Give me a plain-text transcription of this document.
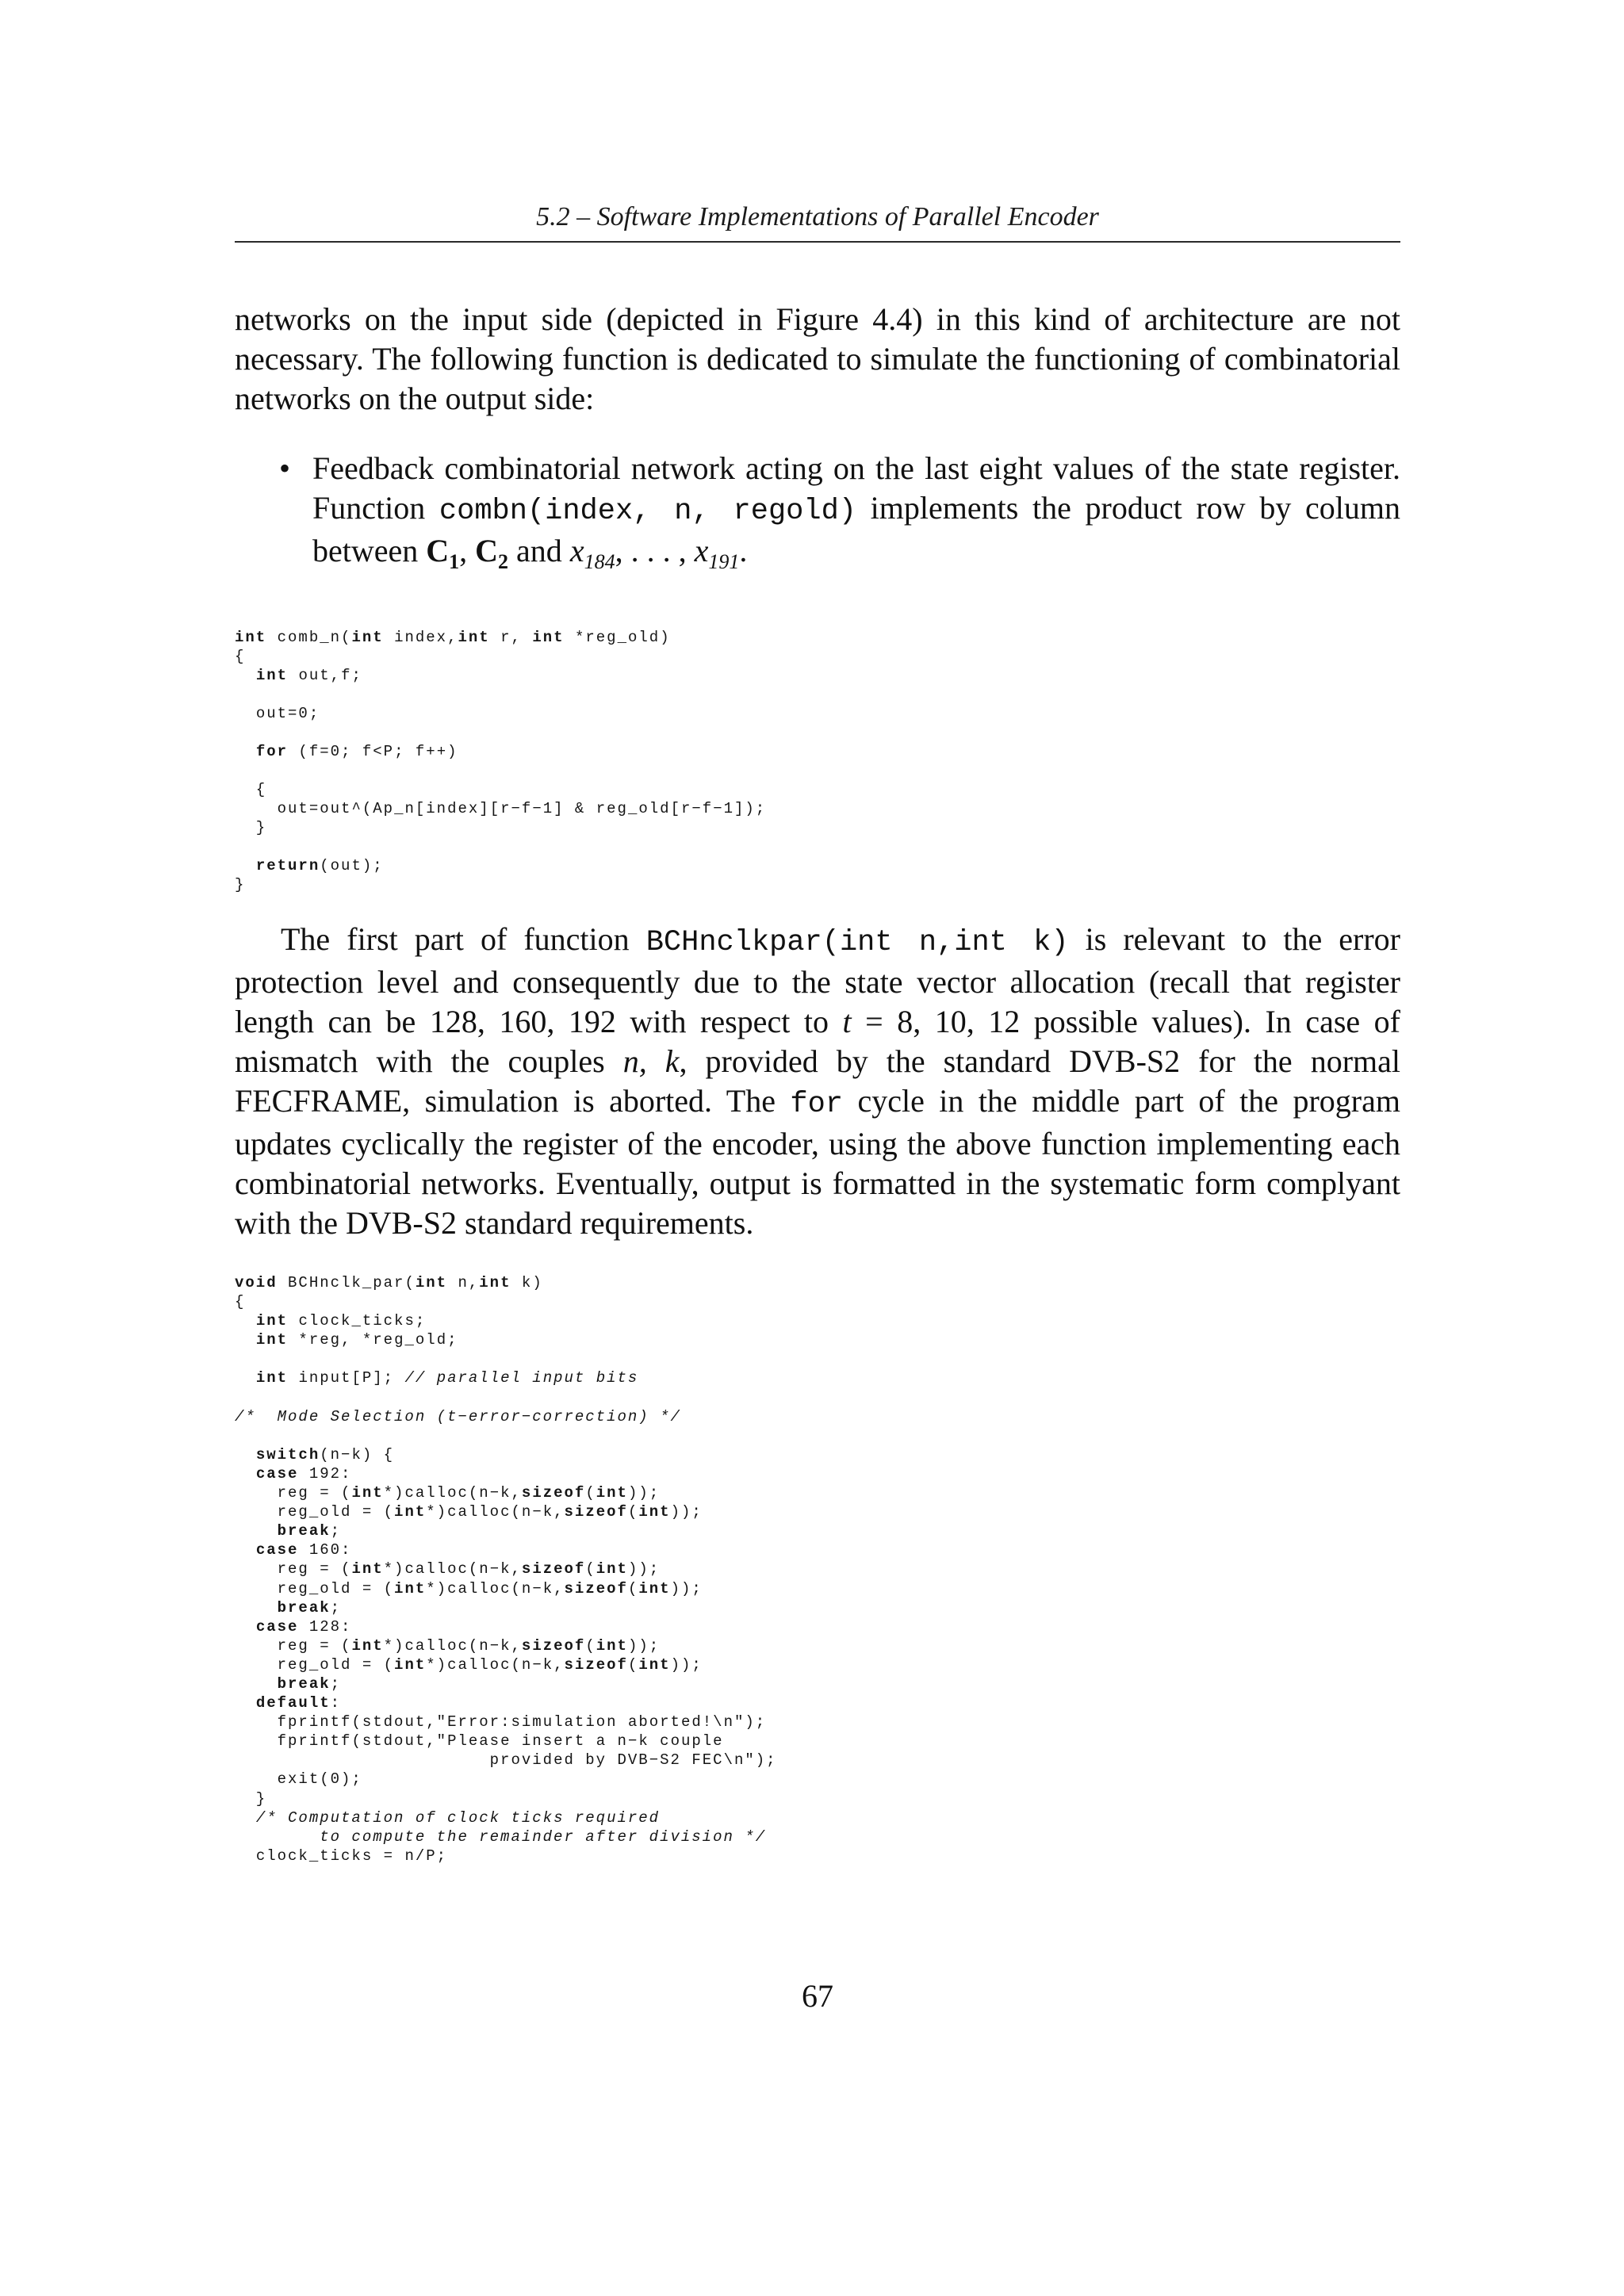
5.2 – Software Implementations of Parallel Encoder

networks on the input side (depicted in Figure 4.4) in this kind of architecture are not necessary. The following function is dedicated to simulate the functioning of combinatorial networks on the output side:

• Feedback combinatorial network acting on the last eight values of the state register. Function combn(index, n, regold) implements the product row by column between $C_1$, $C_2$ and $x_{184}$, . . . , $x_{191}$.
int comb_n(int index,int r, int *reg_old)
{
int out,f;
out=0;
for (f=0; f<P; f++)
{
out=out^(Ap_n[index][r−f−1] & reg_old[r−f−1]);
}
return(out);
}

The first part of function BCHnclkpar(int n,int k) is relevant to the error protection level and consequently due to the state vector allocation (recall that register length can be 128, 160, 192 with respect to t = 8, 10, 12 possible values). In case of mismatch with the couples n, k, provided by the standard DVB-S2 for the normal FECFRAME, simulation is aborted. The for cycle in the middle part of the program updates cyclically the register of the encoder, using the above function implementing each combinatorial networks. Eventually, output is formatted in the systematic form complyant with the DVB-S2 standard requirements.

void BCHnclk_par(int n,int k)
{
int clock_ticks;
int *reg, *reg_old;
int input[P]; // parallel input bits
/*  Mode Selection (t−error−correction) */
switch(n−k) {
case 192:
reg = (int*)calloc(n−k,sizeof(int));
reg_old = (int*)calloc(n−k,sizeof(int));
break;
case 160:
reg = (int*)calloc(n−k,sizeof(int));
reg_old = (int*)calloc(n−k,sizeof(int));
break;
case 128:
reg = (int*)calloc(n−k,sizeof(int));
reg_old = (int*)calloc(n−k,sizeof(int));
break;
default:
fprintf(stdout,"Error:simulation aborted!\n");
fprintf(stdout,"Please insert a n−k couple
provided by DVB−S2 FEC\n");
exit(0);
}
/* Computation of clock ticks required
to compute the remainder after division */
clock_ticks = n/P;
67
